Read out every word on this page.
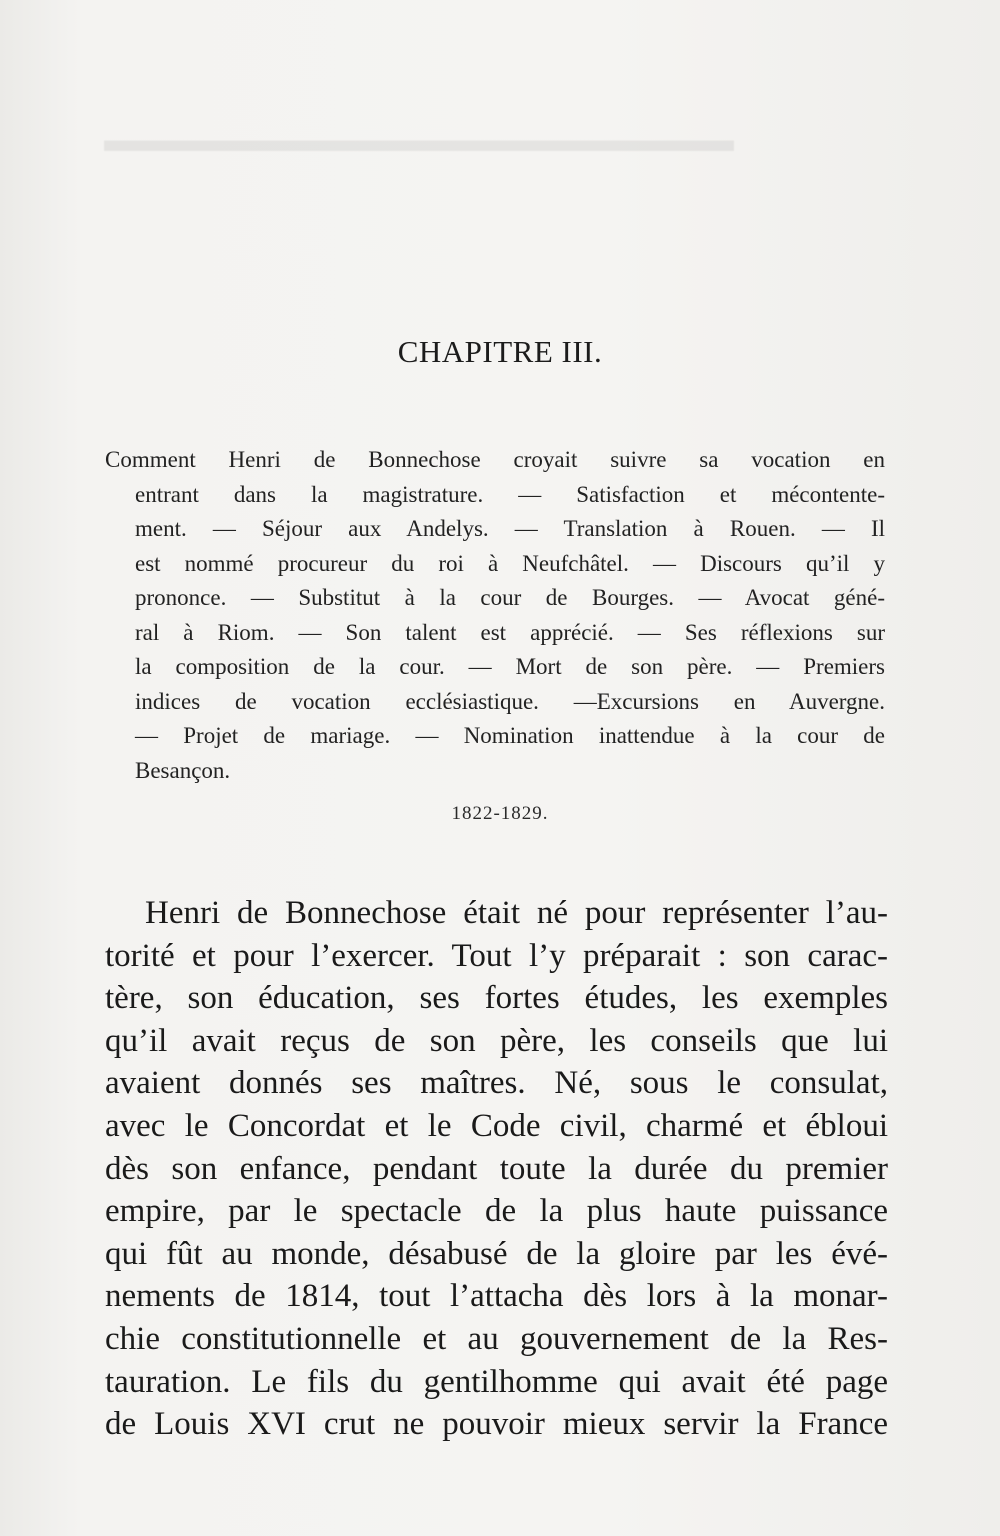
▬▬▬▬▬▬▬▬▬▬▬▬▬▬▬▬▬▬
CHAPITRE III.
Comment Henri de Bonnechose croyait suivre sa vocation en
entrant dans la magistrature. — Satisfaction et mécontente-
ment. — Séjour aux Andelys. — Translation à Rouen. — Il
est nommé procureur du roi à Neufchâtel. — Discours qu’il y
prononce. — Substitut à la cour de Bourges. — Avocat géné-
ral à Riom. — Son talent est apprécié. — Ses réflexions sur
la composition de la cour. — Mort de son père. — Premiers
indices de vocation ecclésiastique. —Excursions en Auvergne.
— Projet de mariage. — Nomination inattendue à la cour de
Besançon.
1822-1829.
Henri de Bonnechose était né pour représenter l’au-
torité et pour l’exercer. Tout l’y préparait : son carac-
tère, son éducation, ses fortes études, les exemples
qu’il avait reçus de son père, les conseils que lui
avaient donnés ses maîtres. Né, sous le consulat,
avec le Concordat et le Code civil, charmé et ébloui
dès son enfance, pendant toute la durée du premier
empire, par le spectacle de la plus haute puissance
qui fût au monde, désabusé de la gloire par les évé-
nements de 1814, tout l’attacha dès lors à la monar-
chie constitutionnelle et au gouvernement de la Res-
tauration. Le fils du gentilhomme qui avait été page
de Louis XVI crut ne pouvoir mieux servir la France
